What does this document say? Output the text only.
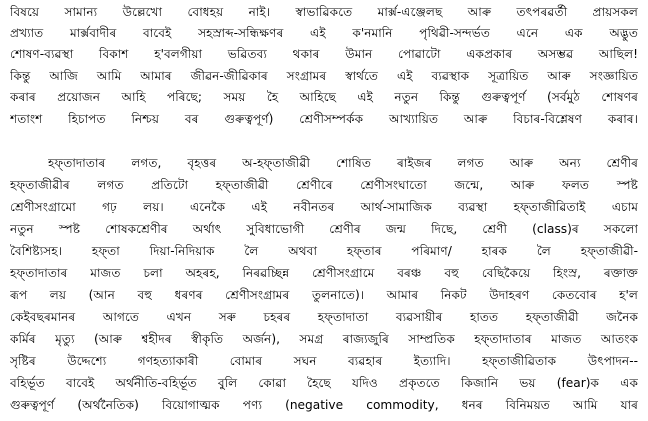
বিষয়ে সামান্য উল্লেখো বোধহয় নাই। স্বাভাৱিকতে মাৰ্ক্স-এঞ্জেলছ আৰু তৎপৰৱৰ্তী প্ৰায়সকল
প্ৰখ্যাত মাৰ্ক্সবাদীৰ বাবেই সহস্ৰাব্দ-সন্ধিক্ষণৰ এই ক'নমানি পৃথিৱী-সন্দৰ্ভত এনে এক অদ্ভুত
শোষণ-ব্যৱস্থা বিকাশ হ'বলগীয়া ভৱিতব্য থকাৰ উমান পোৱাটো একপ্ৰকাৰ অসম্ভৱ আছিল!
কিন্তু আজি আমি আমাৰ জীৱন-জীৱিকাৰ সংগ্ৰামৰ স্বাৰ্থতে এই ব্যৱস্থাক সূত্ৰায়িত আৰু সংজ্ঞায়িত
কৰাৰ প্ৰয়োজন আহি পৰিছে; সময় হৈ আহিছে এই নতুন কিন্তু গুৰুত্বপূৰ্ণ (সৰ্বমুঠ শোষণৰ
শতাংশ হিচাপত নিশ্চয় বৰ গুৰুত্বপূৰ্ণ) শ্ৰেণীসম্পৰ্কক আখ্যায়িত আৰু বিচাৰ-বিশ্লেষণ কৰাৰ।
হফ্তাদাতাৰ লগত, বৃহত্তৰ অ-হফ্তাজীৱী শোষিত ৰাইজৰ লগত আৰু অন্য শ্ৰেণীৰ
হফ্তাজীৱীৰ লগত প্ৰতিটো হফ্তাজীৱী শ্ৰেণীৰে শ্ৰেণীসংঘাতো জন্মে, আৰু ফলত স্পষ্ট
শ্ৰেণীসংগ্ৰামো গঢ় লয়। এনেকৈ এই নবীনতৰ আৰ্থ-সামাজিক ব্যৱস্থা হফ্তাজীৱিতাই এচাম
নতুন স্পষ্ট শোষকশ্ৰেণীৰ অৰ্থাৎ সুবিধাভোগী শ্ৰেণীৰ জন্ম দিছে, শ্ৰেণী (class)ৰ সকলো
বৈশিষ্ট্যসহ। হফ্তা দিয়া-নিদিয়াক লৈ অথবা হফ্তাৰ পৰিমাণ/ হাৰক লৈ হফ্তাজীৱী-
হফ্তাদাতাৰ মাজত চলা অহৰহ, নিৰৱচ্ছিন্ন শ্ৰেণীসংগ্ৰামে বৰঞ্চ বহু বেছিকৈয়ে হিংস্ৰ, ৰক্তাক্ত
ৰূপ লয় (আন বহু ধৰণৰ শ্ৰেণীসংগ্ৰামৰ তুলনাতে)। আমাৰ নিকট উদাহৰণ কেতবোৰ হ'ল
কেইবছৰমানৰ আগতে এখন সৰু চহৰৰ হফ্তাদাতা ব্যৱসায়ীৰ হাতত হফ্তাজীৱী জনৈক
কৰ্মিৰ মৃত্যু (আৰু শ্বহীদৰ স্বীকৃতি অৰ্জন), সমগ্ৰ ৰাজ্যজুৰি সাম্প্ৰতিক হফ্তাদাতাৰ মাজত আতংক
সৃষ্টিৰ উদ্দেশ্যে গণহত্যাকাৰী বোমাৰ সঘন ব্যৱহাৰ ইত্যাদি। হফ্তাজীৱিতাক উৎপাদন--
বহিৰ্ভূত বাবেই অৰ্থনীতি-বহিৰ্ভূত বুলি কোৱা হৈছে যদিও প্ৰকৃততে কিজানি ভয় (fear)ক এক
গুৰুত্বপূৰ্ণ (অৰ্থনৈতিক) বিয়োগাত্মক পণ্য (negative commodity, ধনৰ বিনিময়ত আমি যাৰ
